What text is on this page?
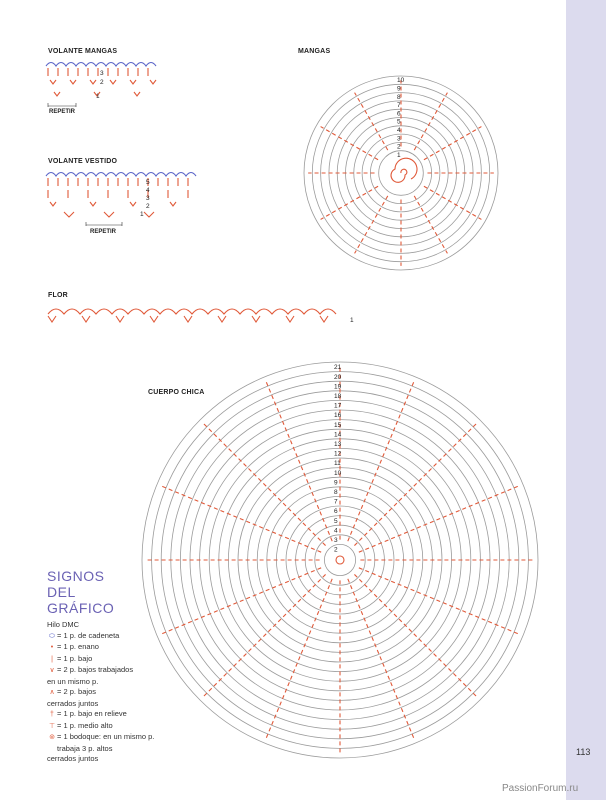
VOLANTE MANGAS
VOLANTE VESTIDO
REPETIR
REPETIR
MANGAS
FLOR
CUERPO CHICA
3
2
1
5
4
3
2
1
10
9
8
7
6
5
4
3
2
1
1
21
20
19
18
17
16
15
14
13
12
11
10
9
8
7
6
5
4
3
2
SIGNOS
DEL
GRÁFICO
Hilo DMC
⬭ = 1 p. de cadeneta
• = 1 p. enano
| = 1 p. bajo
∨ = 2 p. bajos trabajados
en un mismo p.
∧ = 2 p. bajos
cerrados juntos
† = 1 p. bajo en relieve
⊤ = 1 p. medio alto
⊚ = 1 bodoque: en un mismo p.
trabaja 3 p. altos
cerrados juntos
113
PassionForum.ru
